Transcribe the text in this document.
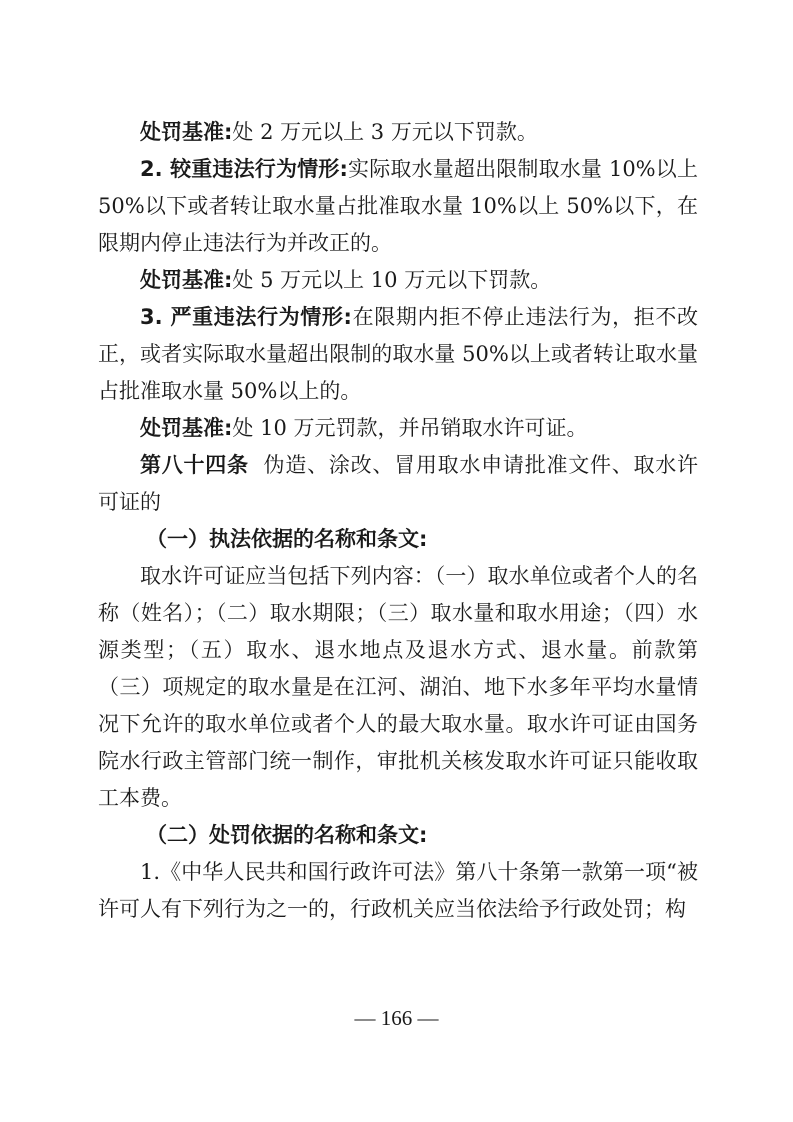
处罚基准:处 2 万元以上 3 万元以下罚款。

2. 较重违法行为情形:实际取水量超出限制取水量 10%以上 50%以下或者转让取水量占批准取水量 10%以上 50%以下，在限期内停止违法行为并改正的。

处罚基准:处 5 万元以上 10 万元以下罚款。

3. 严重违法行为情形:在限期内拒不停止违法行为，拒不改正，或者实际取水量超出限制的取水量 50%以上或者转让取水量占批准取水量 50%以上的。

处罚基准:处 10 万元罚款，并吊销取水许可证。

第八十四条 伪造、涂改、冒用取水申请批准文件、取水许可证的

（一）执法依据的名称和条文:

取水许可证应当包括下列内容：（一）取水单位或者个人的名称（姓名）；（二）取水期限；（三）取水量和取水用途；（四）水源类型；（五）取水、退水地点及退水方式、退水量。前款第（三）项规定的取水量是在江河、湖泊、地下水多年平均水量情况下允许的取水单位或者个人的最大取水量。取水许可证由国务院水行政主管部门统一制作，审批机关核发取水许可证只能收取工本费。

（二）处罚依据的名称和条文:

1.《中华人民共和国行政许可法》第八十条第一款第一项“被许可人有下列行为之一的，行政机关应当依法给予行政处罚；构

— 166 —
